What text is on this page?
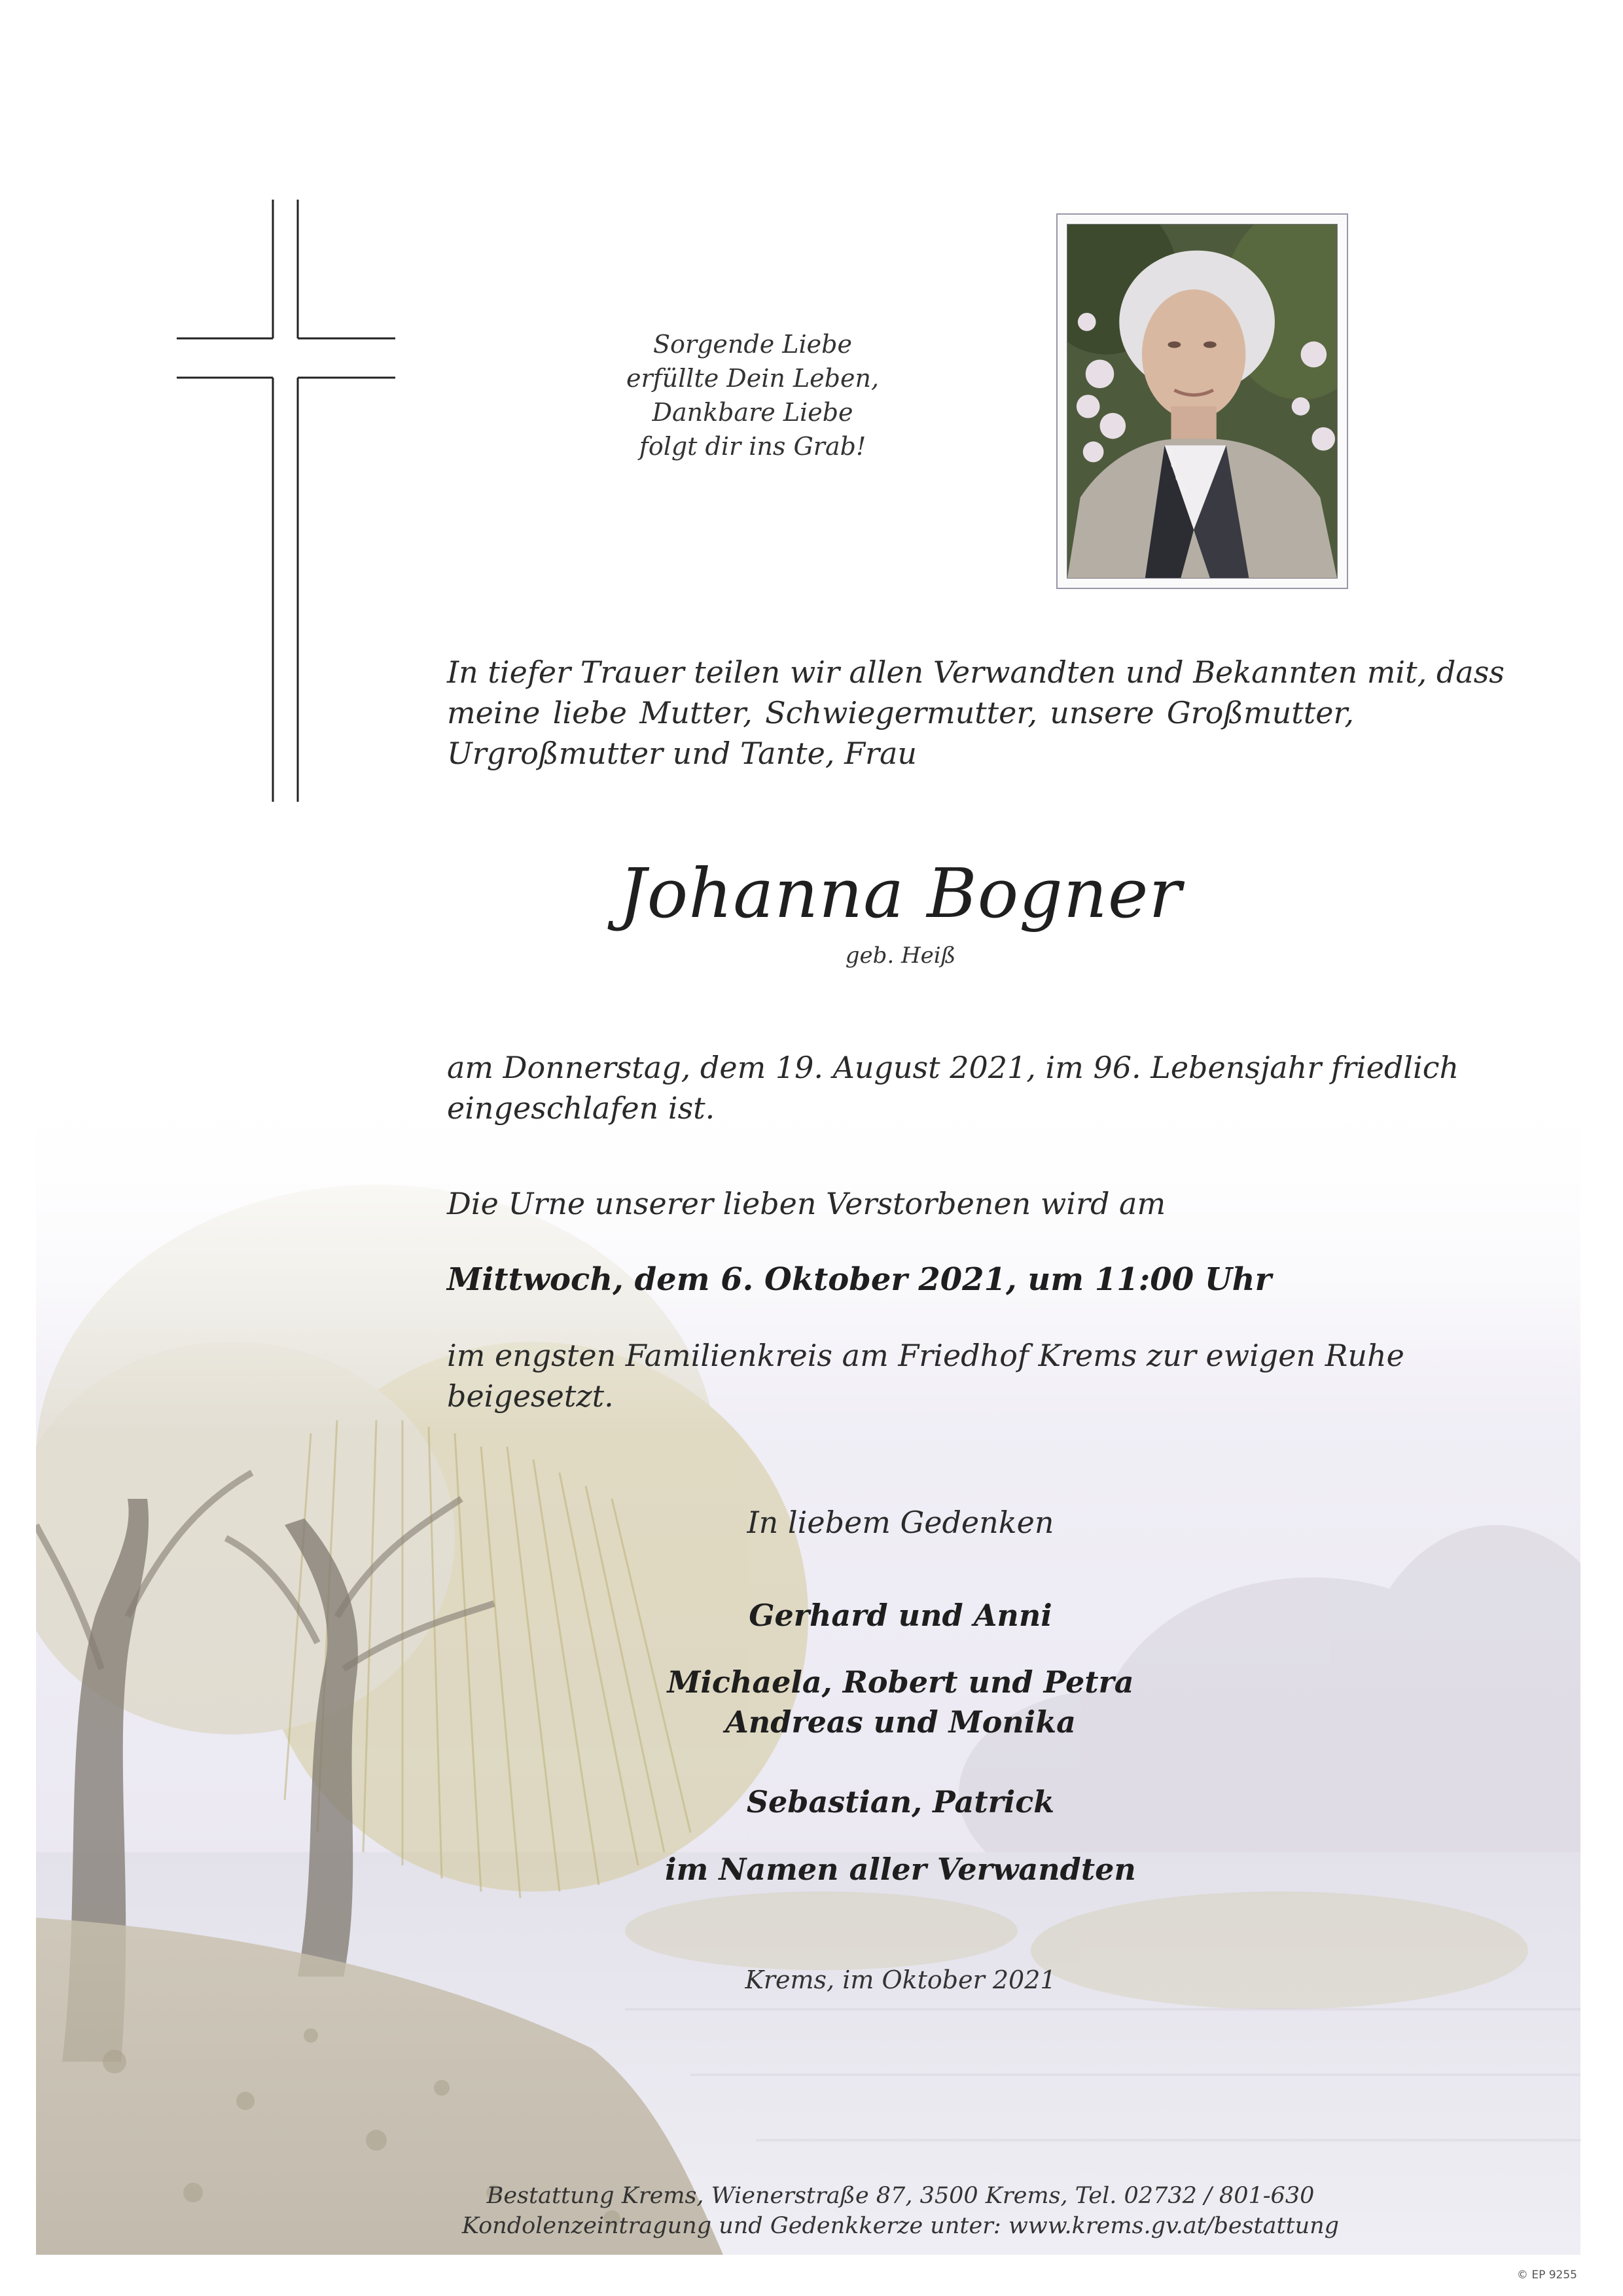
Sorgende Liebe
erfüllte Dein Leben,
Dankbare Liebe
folgt dir ins Grab!
In tiefer Trauer teilen wir allen Verwandten und Bekannten mit, dass
meine liebe Mutter, Schwiegermutter, unsere Großmutter,
Urgroßmutter und Tante, Frau
Johanna Bogner
geb. Heiß
am Donnerstag, dem 19. August 2021, im 96. Lebensjahr friedlich
eingeschlafen ist.
Die Urne unserer lieben Verstorbenen wird am
Mittwoch, dem 6. Oktober 2021, um 11:00 Uhr
im engsten Familienkreis am Friedhof Krems zur ewigen Ruhe
beigesetzt.
In liebem Gedenken
Gerhard und Anni
Michaela, Robert und Petra
Andreas und Monika
Sebastian, Patrick
im Namen aller Verwandten
Krems, im Oktober 2021
Bestattung Krems, Wienerstraße 87, 3500 Krems, Tel. 02732 / 801-630
Kondolenzeintragung und Gedenkkerze unter: www.krems.gv.at/bestattung
© EP 9255
